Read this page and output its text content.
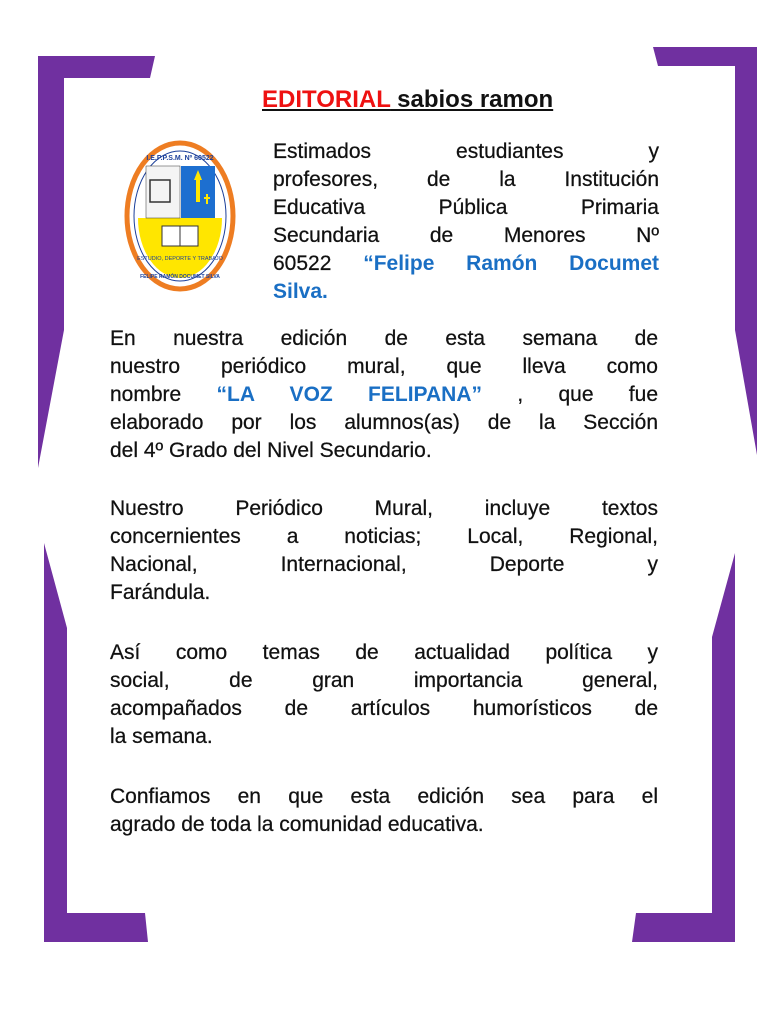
EDITORIAL sabios ramon
I.E.P.P.S.M. Nº 60522
ESTUDIO, DEPORTE Y TRABAJO
FELIPE RAMÓN DOCUMET SILVA
Estimados estudiantes y
profesores, de la Institución
Educativa Pública Primaria
Secundaria de Menores Nº
60522 “Felipe Ramón Documet
Silva.
En nuestra edición de esta semana de
nuestro periódico mural, que lleva como
nombre “LA VOZ FELIPANA” , que fue
elaborado por los alumnos(as) de la Sección
del 4º Grado del Nivel Secundario.
Nuestro Periódico Mural, incluye textos
concernientes a noticias; Local, Regional,
Nacional, Internacional, Deporte y
Farándula.
Así como temas de actualidad política y
social, de gran importancia general,
acompañados de artículos humorísticos de
la semana.
Confiamos en que esta edición sea para el
agrado de toda la comunidad educativa.
